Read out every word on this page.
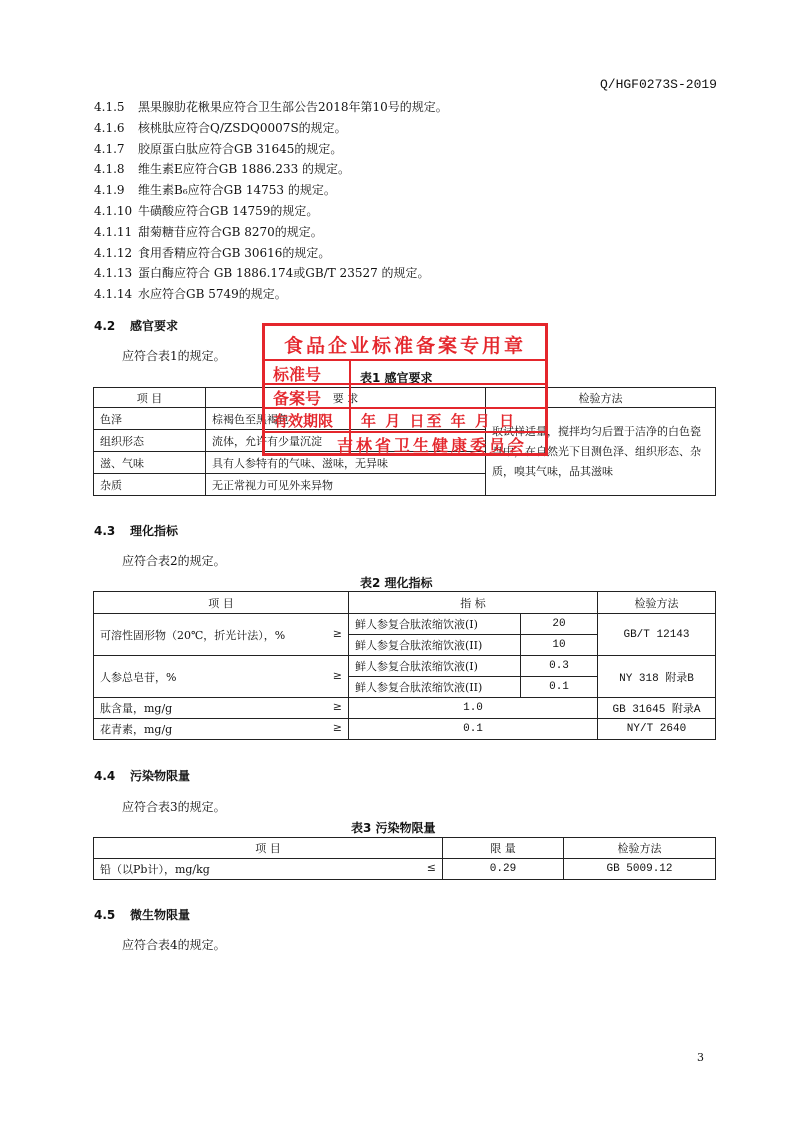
Q/HGF0273S-2019
4.1.5 黑果腺肋花楸果应符合卫生部公告2018年第10号的规定。
4.1.6 核桃肽应符合Q/ZSDQ0007S的规定。
4.1.7 胶原蛋白肽应符合GB 31645的规定。
4.1.8 维生素E应符合GB 1886.233 的规定。
4.1.9 维生素B₆应符合GB 14753 的规定。
4.1.10 牛磺酸应符合GB 14759的规定。
4.1.11 甜菊糖苷应符合GB 8270的规定。
4.1.12 食用香精应符合GB 30616的规定。
4.1.13 蛋白酶应符合 GB 1886.174或GB/T 23527 的规定。
4.1.14 水应符合GB 5749的规定。
4.2 感官要求
应符合表1的规定。
表1 感官要求
项 目	要 求	检验方法
色泽	棕褐色至黑褐色	取试样适量，搅拌均匀后置于洁净的白色瓷盘中，在自然光下目测色泽、组织形态、杂质，嗅其气味，品其滋味
组织形态	流体，允许有少量沉淀	
滋、气味	具有人参特有的气味、滋味，无异味	
杂质	无正常视力可见外来异物	
食品企业标准备案专用章
标准号
备案号
有效期限	年 月 日至 年 月 日
吉林省卫生健康委员会
4.3 理化指标
应符合表2的规定。
表2 理化指标
项 目	指 标		检验方法
可溶性固形物（20℃，折光计法），% ≥	鲜人参复合肽浓缩饮液(I)	20	GB/T 12143
	鲜人参复合肽浓缩饮液(II)	10	
人参总皂苷，% ≥	鲜人参复合肽浓缩饮液(I)	0.3	NY 318 附录B
	鲜人参复合肽浓缩饮液(II)	0.1	
肽含量，mg/g ≥	1.0		GB 31645 附录A
花青素，mg/g ≥	0.1		NY/T 2640
4.4 污染物限量
应符合表3的规定。
表3 污染物限量
项 目	限 量	检验方法
铅（以Pb计），mg/kg ≤	0.29	GB 5009.12
4.5 微生物限量
应符合表4的规定。
3
